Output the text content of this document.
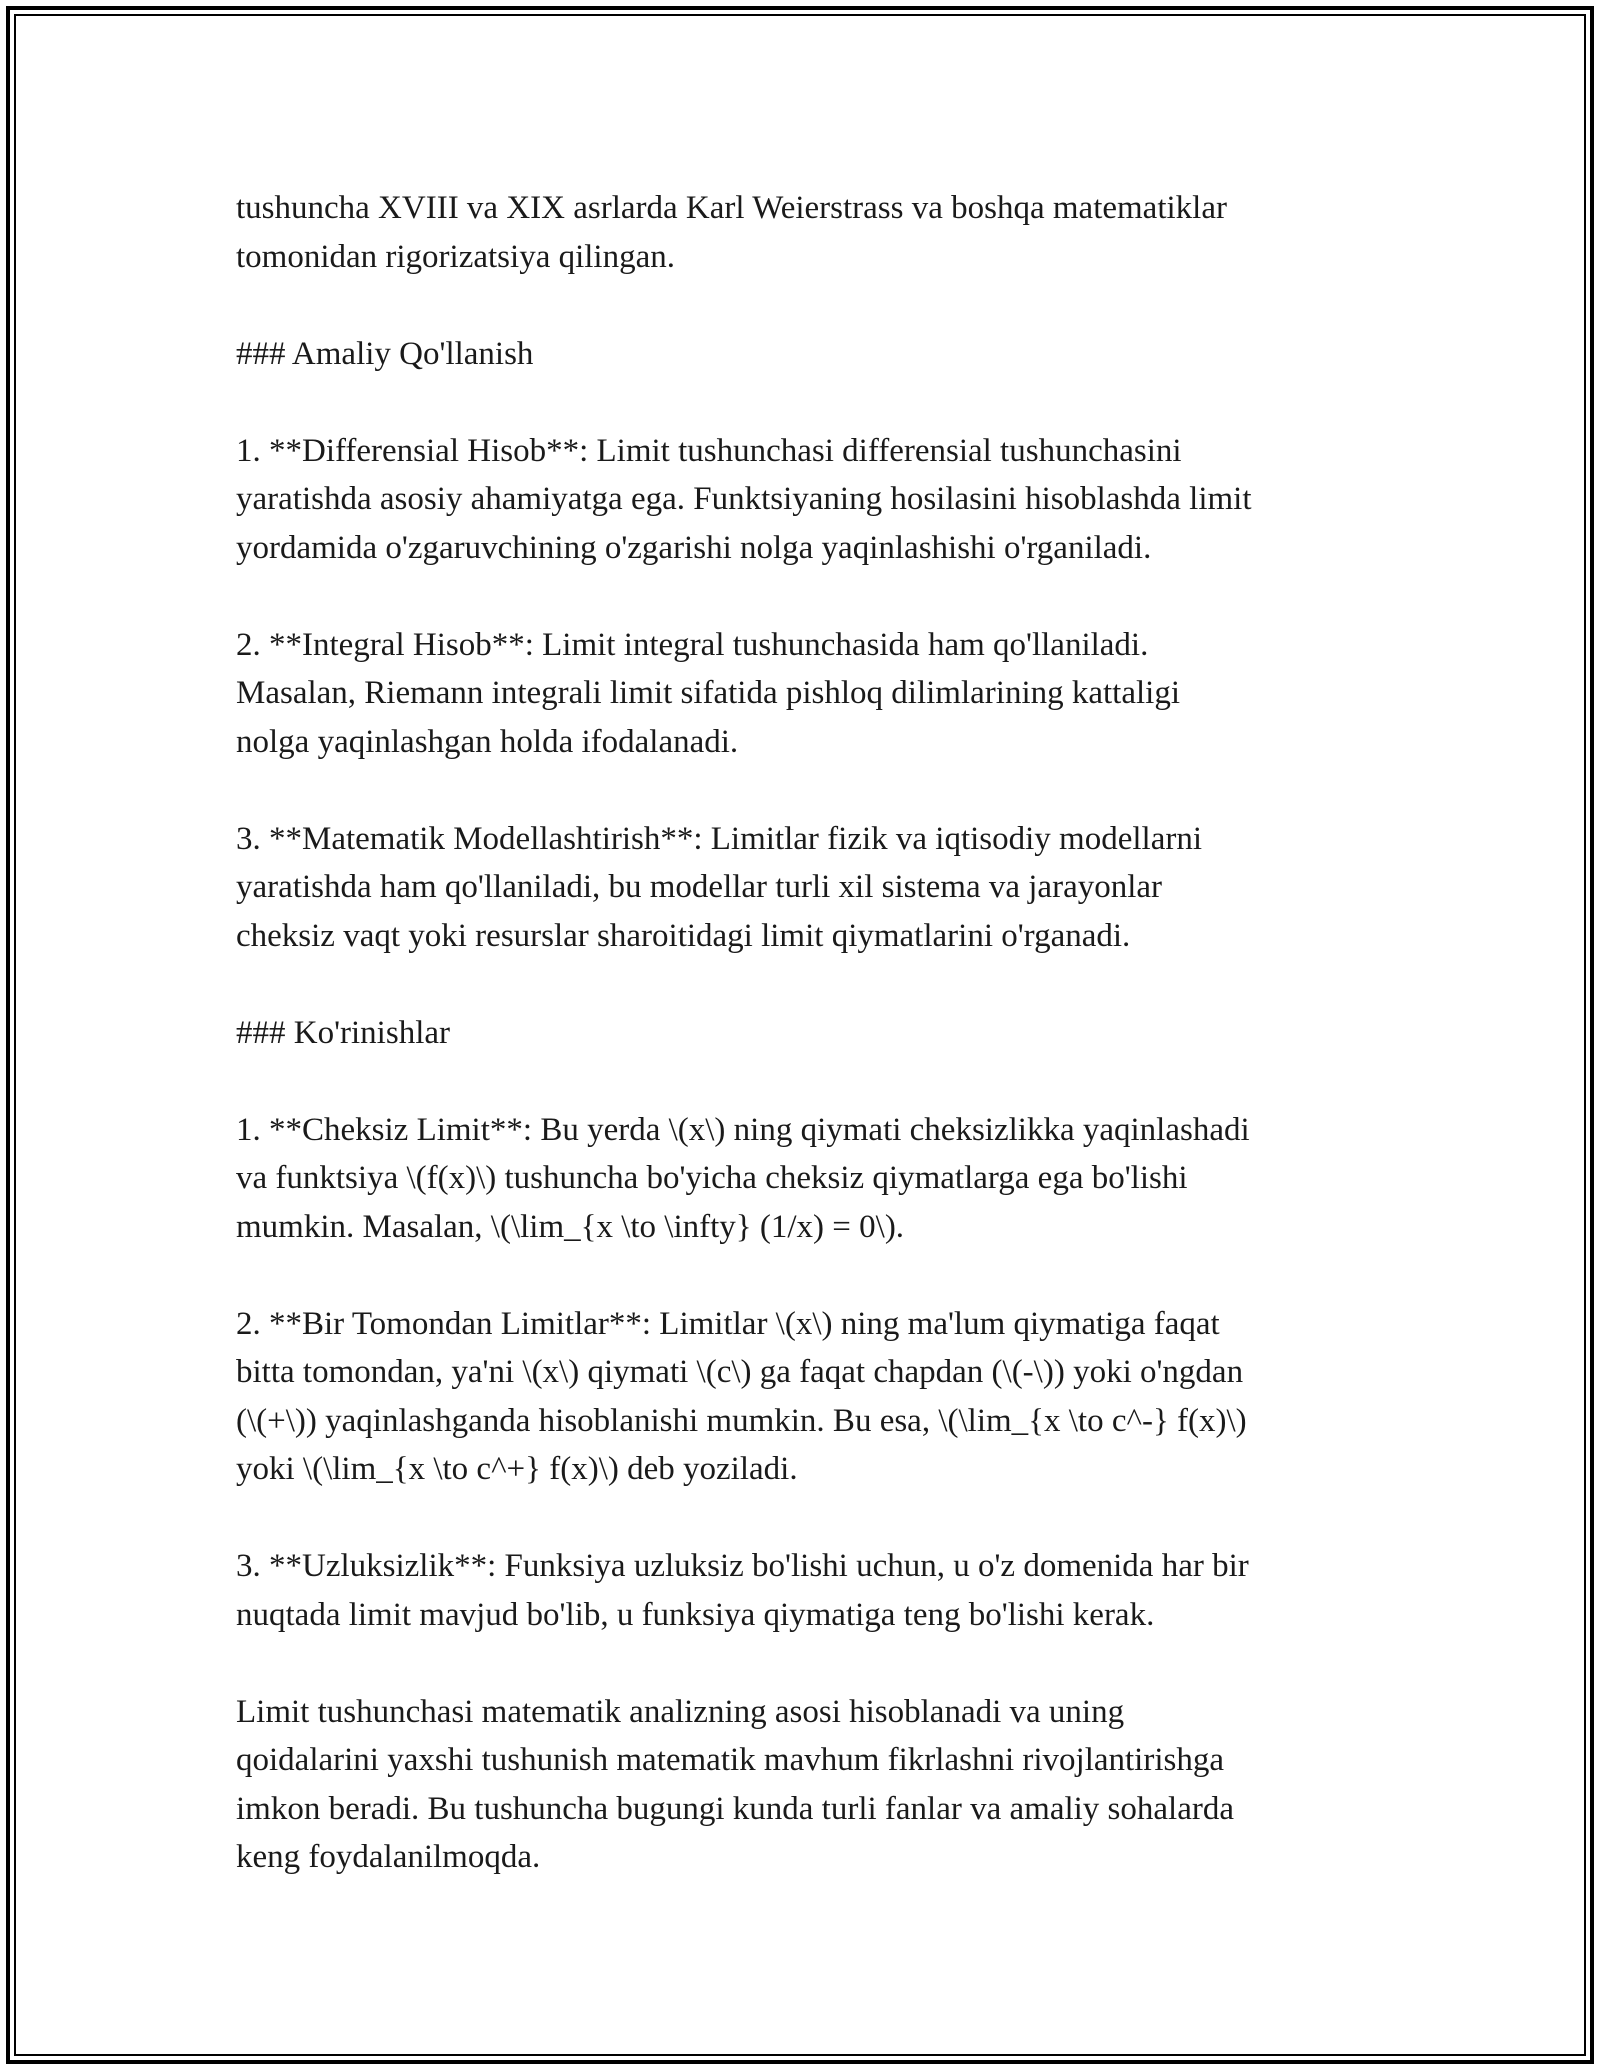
tushuncha XVIII va XIX asrlarda Karl Weierstrass va boshqa matematiklar
tomonidan rigorizatsiya qilingan.

### Amaliy Qo'llanish

1. **Differensial Hisob**: Limit tushunchasi differensial tushunchasini
yaratishda asosiy ahamiyatga ega. Funktsiyaning hosilasini hisoblashda limit
yordamida o'zgaruvchining o'zgarishi nolga yaqinlashishi o'rganiladi.

2. **Integral Hisob**: Limit integral tushunchasida ham qo'llaniladi.
Masalan, Riemann integrali limit sifatida pishloq dilimlarining kattaligi
nolga yaqinlashgan holda ifodalanadi.

3. **Matematik Modellashtirish**: Limitlar fizik va iqtisodiy modellarni
yaratishda ham qo'llaniladi, bu modellar turli xil sistema va jarayonlar
cheksiz vaqt yoki resurslar sharoitidagi limit qiymatlarini o'rganadi.

### Ko'rinishlar

1. **Cheksiz Limit**: Bu yerda \(x\) ning qiymati cheksizlikka yaqinlashadi
va funktsiya \(f(x)\) tushuncha bo'yicha cheksiz qiymatlarga ega bo'lishi
mumkin. Masalan, \(\lim_{x \to \infty} (1/x) = 0\).

2. **Bir Tomondan Limitlar**: Limitlar \(x\) ning ma'lum qiymatiga faqat
bitta tomondan, ya'ni \(x\) qiymati \(c\) ga faqat chapdan (\(-\)) yoki o'ngdan
(\(+\)) yaqinlashganda hisoblanishi mumkin. Bu esa, \(\lim_{x \to c^-} f(x)\)
yoki \(\lim_{x \to c^+} f(x)\) deb yoziladi.

3. **Uzluksizlik**: Funksiya uzluksiz bo'lishi uchun, u o'z domenida har bir
nuqtada limit mavjud bo'lib, u funksiya qiymatiga teng bo'lishi kerak.

Limit tushunchasi matematik analizning asosi hisoblanadi va uning
qoidalarini yaxshi tushunish matematik mavhum fikrlashni rivojlantirishga
imkon beradi. Bu tushuncha bugungi kunda turli fanlar va amaliy sohalarda
keng foydalanilmoqda.
